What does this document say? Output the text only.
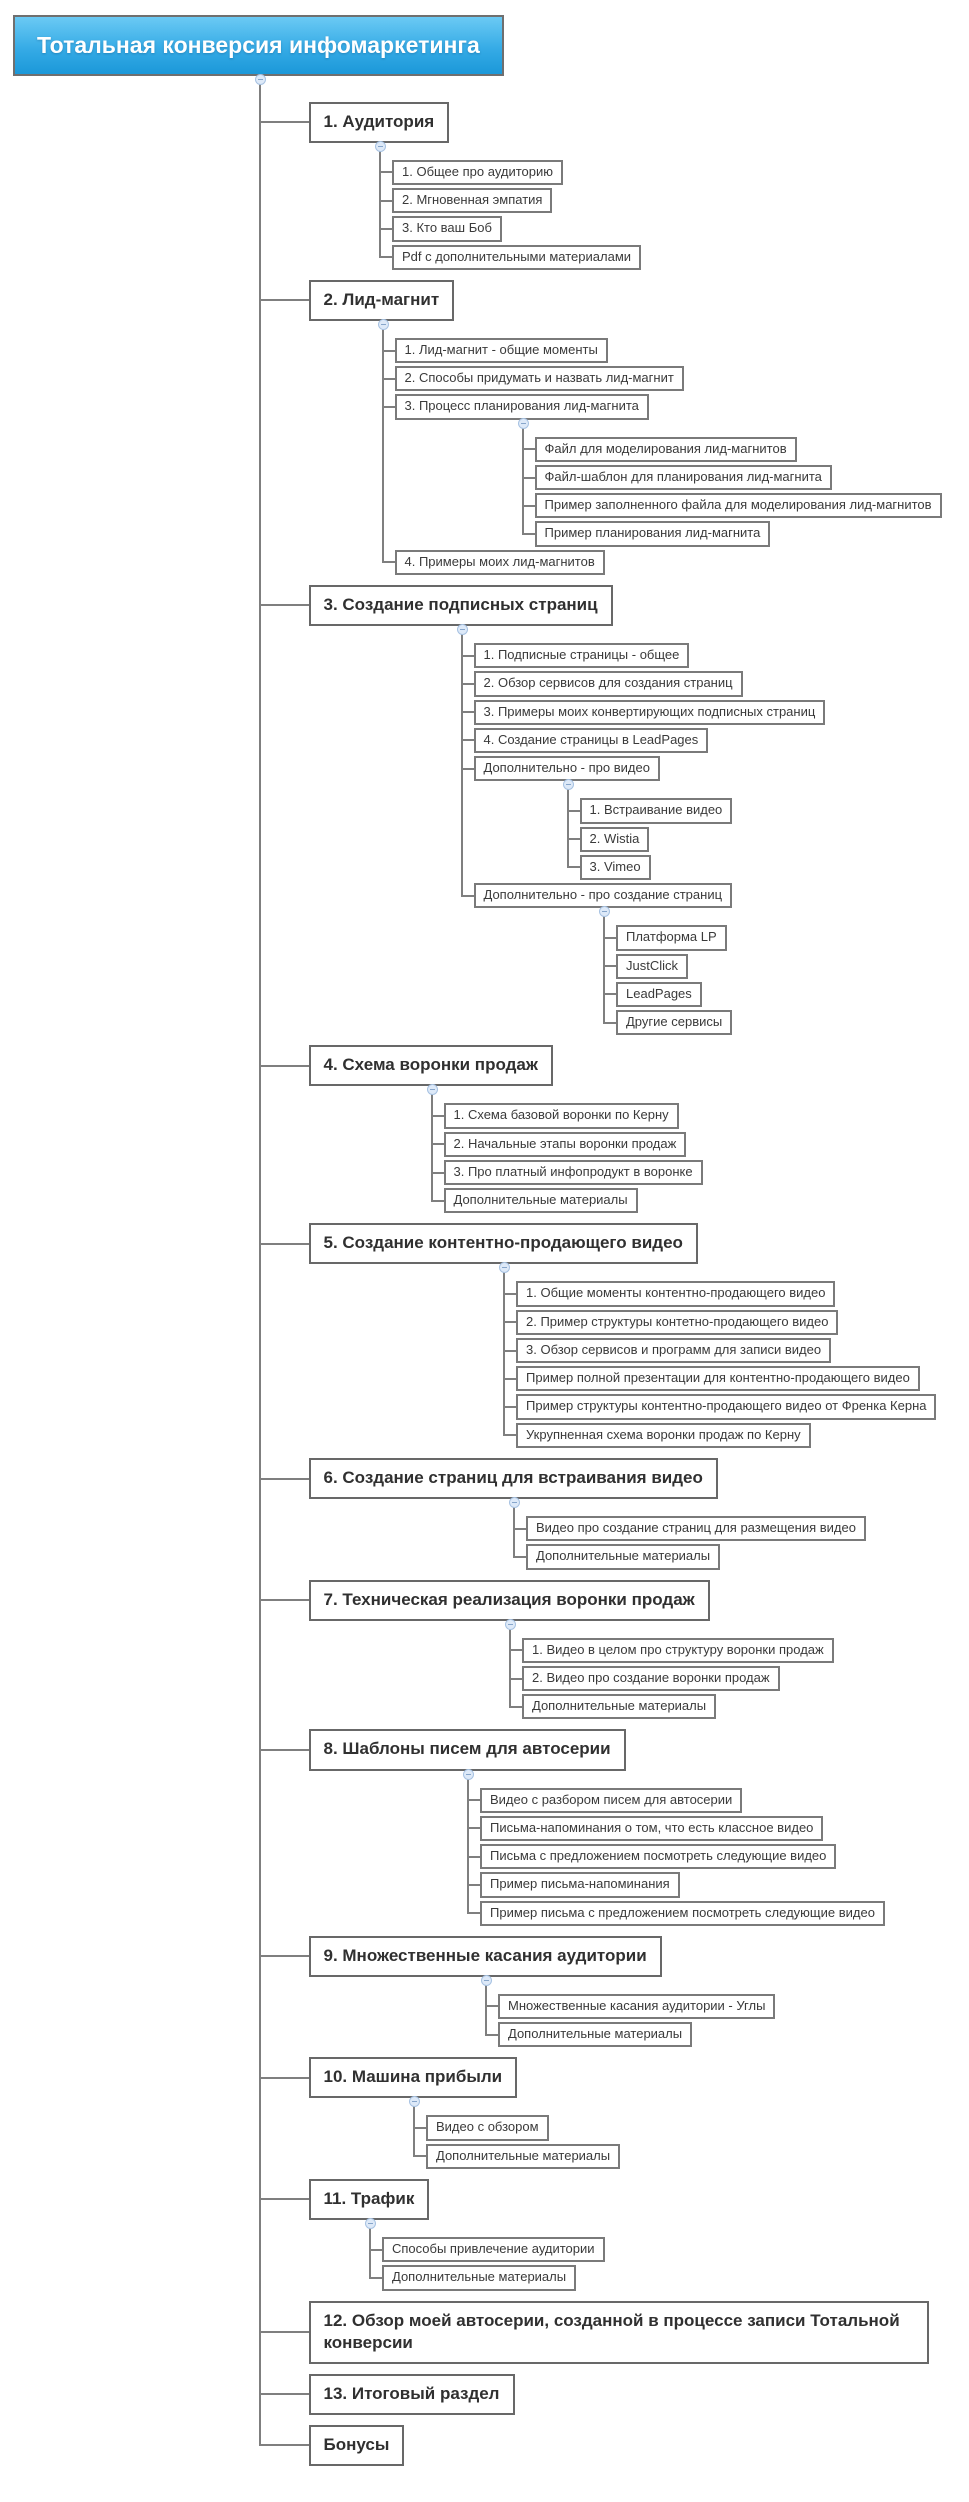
Тотальная конверсия инфомаркетинга
1. Аудитория
1. Общее про аудиторию
2. Мгновенная эмпатия
3. Кто ваш Боб
Pdf с дополнительными материалами
2. Лид-магнит
1. Лид-магнит - общие моменты
2. Способы придумать и назвать лид-магнит
3. Процесс планирования лид-магнита
Файл для моделирования лид-магнитов
Файл-шаблон для планирования лид-магнита
Пример заполненного файла для моделирования лид-магнитов
Пример планирования лид-магнита
4. Примеры моих лид-магнитов
3. Создание подписных страниц
1. Подписные страницы - общее
2. Обзор сервисов для создания страниц
3. Примеры моих конвертирующих подписных страниц
4. Создание страницы в LeadPages
Дополнительно - про видео
1. Встраивание видео
2. Wistia
3. Vimeo
Дополнительно - про создание страниц
Платформа LP
JustClick
LeadPages
Другие сервисы
4. Схема воронки продаж
1. Схема базовой воронки по Керну
2. Начальные этапы воронки продаж
3. Про платный инфопродукт в воронке
Дополнительные материалы
5. Создание контентно-продающего видео
1. Общие моменты контентно-продающего видео
2. Пример структуры контетно-продающего видео
3. Обзор сервисов и программ для записи видео
Пример полной презентации для контентно-продающего видео
Пример структуры контентно-продающего видео от Френка Керна
Укрупненная схема воронки продаж по Керну
6. Создание страниц для встраивания видео
Видео про создание страниц для размещения видео
Дополнительные материалы
7. Техническая реализация воронки продаж
1. Видео в целом про структуру воронки продаж
2. Видео про создание воронки продаж
Дополнительные материалы
8. Шаблоны писем для автосерии
Видео с разбором писем для автосерии
Письма-напоминания о том, что есть классное видео
Письма с предложением посмотреть следующие видео
Пример письма-напоминания
Пример письма с предложением посмотреть следующие видео
9. Множественные касания аудитории
Множественные касания аудитории - Углы
Дополнительные материалы
10. Машина прибыли
Видео с обзором
Дополнительные материалы
11. Трафик
Способы привлечение аудитории
Дополнительные материалы
12. Обзор моей автосерии, созданной в процессе записи Тотальной конверсии
13. Итоговый раздел
Бонусы
